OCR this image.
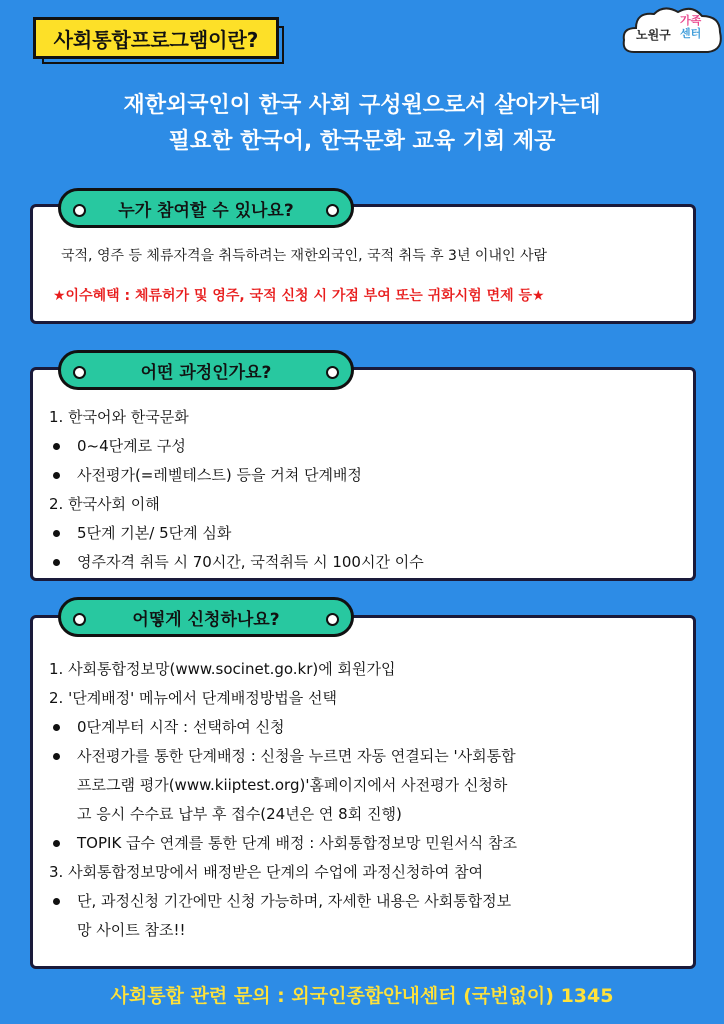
사회통합프로그램이란?	노원구
가족
센터
재한외국인이 한국 사회 구성원으로서 살아가는데
필요한 한국어, 한국문화 교육 기회 제공
누가 참여할 수 있나요?
국적, 영주 등 체류자격을 취득하려는 재한외국인, 국적 취득 후 3년 이내인 사람
★이수혜택 : 체류허가 및 영주, 국적 신청 시 가점 부여 또는 귀화시험 면제 등★
어떤 과정인가요?
1. 한국어와 한국문화
0~4단계로 구성
사전평가(=레벨테스트) 등을 거쳐 단계배정
2. 한국사회 이해
5단계 기본/ 5단계 심화
영주자격 취득 시 70시간, 국적취득 시 100시간 이수
어떻게 신청하나요?
1. 사회통합정보망(www.socinet.go.kr)에 회원가입
2. '단계배정' 메뉴에서 단계배정방법을 선택
0단계부터 시작 : 선택하여 신청
사전평가를 통한 단계배정 : 신청을 누르면 자동 연결되는 '사회통합
프로그램 평가(www.kiiptest.org)'홈페이지에서 사전평가 신청하
고 응시 수수료 납부 후 접수(24년은 연 8회 진행)
TOPIK 급수 연계를 통한 단계 배정 : 사회통합정보망 민원서식 참조
3. 사회통합정보망에서 배정받은 단계의 수업에 과정신청하여 참여
단, 과정신청 기간에만 신청 가능하며, 자세한 내용은 사회통합정보
망 사이트 참조!!
사회통합 관련 문의 : 외국인종합안내센터 (국번없이) 1345
